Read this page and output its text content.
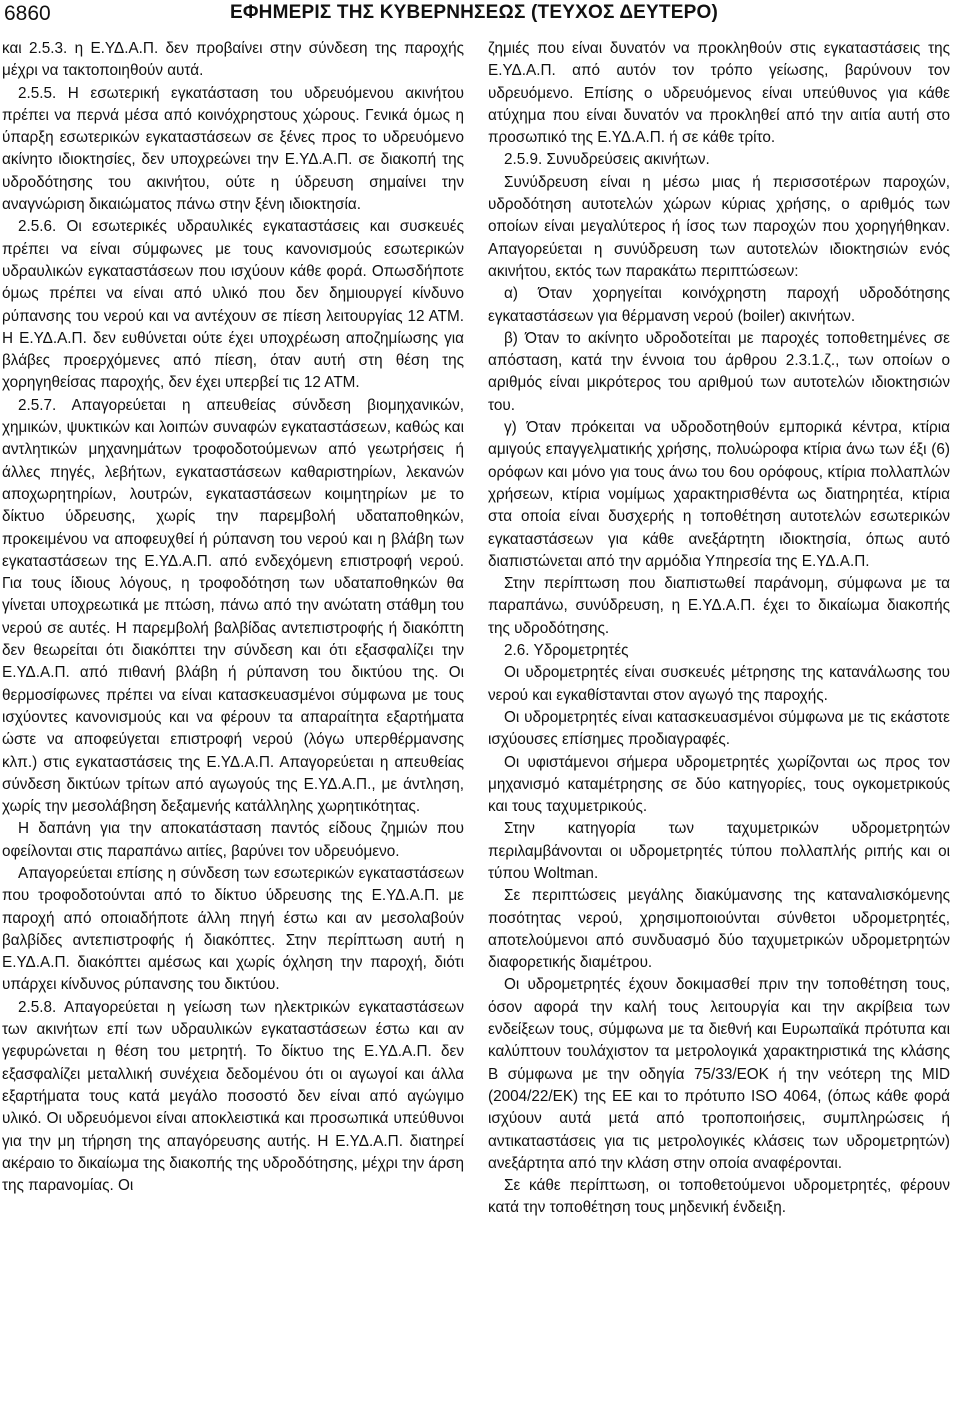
6860	ΕΦΗΜΕΡΙΣ ΤΗΣ ΚΥΒΕΡΝΗΣΕΩΣ (ΤΕΥΧΟΣ ΔΕΥΤΕΡΟ)

και 2.5.3. η Ε.ΥΔ.Α.Π. δεν προβαίνει στην σύνδεση της παροχής μέχρι να τακτοποιηθούν αυτά.

2.5.5. Η εσωτερική εγκατάσταση του υδρευόμενου ακινήτου πρέπει να περνά μέσα από κοινόχρηστους χώρους. Γενικά όμως η ύπαρξη εσωτερικών εγκαταστάσεων σε ξένες προς το υδρευόμενο ακίνητο ιδιοκτησίες, δεν υποχρεώνει την Ε.ΥΔ.Α.Π. σε διακοπή της υδροδότησης του ακινήτου, ούτε η ύδρευση σημαίνει την αναγνώριση δικαιώματος πάνω στην ξένη ιδιοκτησία.

2.5.6. Οι εσωτερικές υδραυλικές εγκαταστάσεις και συσκευές πρέπει να είναι σύμφωνες με τους κανονισμούς εσωτερικών υδραυλικών εγκαταστάσεων που ισχύουν κάθε φορά. Οπωσδήποτε όμως πρέπει να είναι από υλικό που δεν δημιουργεί κίνδυνο ρύπανσης του νερού και να αντέχουν σε πίεση λειτουργίας 12 ΑΤΜ. Η Ε.ΥΔ.Α.Π. δεν ευθύνεται ούτε έχει υποχρέωση αποζημίωσης για βλάβες προερχόμενες από πίεση, όταν αυτή στη θέση της χορηγηθείσας παροχής, δεν έχει υπερβεί τις 12 ΑΤΜ.

2.5.7. Απαγορεύεται η απευθείας σύνδεση βιομηχανικών, χημικών, ψυκτικών και λοιπών συναφών εγκαταστάσεων, καθώς και αντλητικών μηχανημάτων τροφοδοτούμενων από γεωτρήσεις ή άλλες πηγές, λεβήτων, εγκαταστάσεων καθαριστηρίων, λεκανών αποχωρητηρίων, λουτρών, εγκαταστάσεων κοιμητηρίων με το δίκτυο ύδρευσης, χωρίς την παρεμβολή υδαταποθηκών, προκειμένου να αποφευχθεί ή ρύπανση του νερού και η βλάβη των εγκαταστάσεων της Ε.ΥΔ.Α.Π. από ενδεχόμενη επιστροφή νερού. Για τους ίδιους λόγους, η τροφοδότηση των υδαταποθηκών θα γίνεται υποχρεωτικά με πτώση, πάνω από την ανώτατη στάθμη του νερού σε αυτές. Η παρεμβολή βαλβίδας αντεπιστροφής ή διακόπτη δεν θεωρείται ότι διακόπτει την σύνδεση και ότι εξασφαλίζει την Ε.ΥΔ.Α.Π. από πιθανή βλάβη ή ρύπανση του δικτύου της. Οι θερμοσίφωνες πρέπει να είναι κατασκευασμένοι σύμφωνα με τους ισχύοντες κανονισμούς και να φέρουν τα απαραίτητα εξαρτήματα ώστε να αποφεύγεται επιστροφή νερού (λόγω υπερθέρμανσης κλπ.) στις εγκαταστάσεις της Ε.ΥΔ.Α.Π. Απαγορεύεται η απευθείας σύνδεση δικτύων τρίτων από αγωγούς της Ε.ΥΔ.Α.Π., με άντληση, χωρίς την μεσολάβηση δεξαμενής κατάλληλης χωρητικότητας.

Η δαπάνη για την αποκατάσταση παντός είδους ζημιών που οφείλονται στις παραπάνω αιτίες, βαρύνει τον υδρευόμενο.

Απαγορεύεται επίσης η σύνδεση των εσωτερικών εγκαταστάσεων που τροφοδοτούνται από το δίκτυο ύδρευσης της Ε.ΥΔ.Α.Π. με παροχή από οποιαδήποτε άλλη πηγή έστω και αν μεσολαβούν βαλβίδες αντεπιστροφής ή διακόπτες. Στην περίπτωση αυτή η Ε.ΥΔ.Α.Π. διακόπτει αμέσως και χωρίς όχληση την παροχή, διότι υπάρχει κίνδυνος ρύπανσης του δικτύου.

2.5.8. Απαγορεύεται η γείωση των ηλεκτρικών εγκαταστάσεων των ακινήτων επί των υδραυλικών εγκαταστάσεων έστω και αν γεφυρώνεται η θέση του μετρητή. Το δίκτυο της Ε.ΥΔ.Α.Π. δεν εξασφαλίζει μεταλλική συνέχεια δεδομένου ότι οι αγωγοί και άλλα εξαρτήματα τους κατά μεγάλο ποσοστό δεν είναι από αγώγιμο υλικό. Οι υδρευόμενοι είναι αποκλειστικά και προσωπικά υπεύθυνοι για την μη τήρηση της απαγόρευσης αυτής. Η Ε.ΥΔ.Α.Π. διατηρεί ακέραιο το δικαίωμα της διακοπής της υδροδότησης, μέχρι την άρση της παρανομίας. Οι

ζημιές που είναι δυνατόν να προκληθούν στις εγκαταστάσεις της Ε.ΥΔ.Α.Π. από αυτόν τον τρόπο γείωσης, βαρύνουν τον υδρευόμενο. Επίσης ο υδρευόμενος είναι υπεύθυνος για κάθε ατύχημα που είναι δυνατόν να προκληθεί από την αιτία αυτή στο προσωπικό της Ε.ΥΔ.Α.Π. ή σε κάθε τρίτο.

2.5.9. Συνυδρεύσεις ακινήτων.

Συνύδρευση είναι η μέσω μιας ή περισσοτέρων παροχών, υδροδότηση αυτοτελών χώρων κύριας χρήσης, ο αριθμός των οποίων είναι μεγαλύτερος ή ίσος των παροχών που χορηγήθηκαν. Απαγορεύεται η συνύδρευση των αυτοτελών ιδιοκτησιών ενός ακινήτου, εκτός των παρακάτω περιπτώσεων:

α) Όταν χορηγείται κοινόχρηστη παροχή υδροδότησης εγκαταστάσεων για θέρμανση νερού (boiler) ακινήτων.

β) Όταν το ακίνητο υδροδοτείται με παροχές τοποθετημένες σε απόσταση, κατά την έννοια του άρθρου 2.3.1.ζ., των οποίων ο αριθμός είναι μικρότερος του αριθμού των αυτοτελών ιδιοκτησιών του.

γ) Όταν πρόκειται να υδροδοτηθούν εμπορικά κέντρα, κτίρια αμιγούς επαγγελματικής χρήσης, πολυώροφα κτίρια άνω των έξι (6) ορόφων και μόνο για τους άνω του 6ου ορόφους, κτίρια πολλαπλών χρήσεων, κτίρια νομίμως χαρακτηρισθέντα ως διατηρητέα, κτίρια στα οποία είναι δυσχερής η τοποθέτηση αυτοτελών εσωτερικών εγκαταστάσεων για κάθε ανεξάρτητη ιδιοκτησία, όπως αυτό διαπιστώνεται από την αρμόδια Υπηρεσία της Ε.ΥΔ.Α.Π.

Στην περίπτωση που διαπιστωθεί παράνομη, σύμφωνα με τα παραπάνω, συνύδρευση, η Ε.ΥΔ.Α.Π. έχει το δικαίωμα διακοπής της υδροδότησης.

2.6. Υδρομετρητές

Οι υδρομετρητές είναι συσκευές μέτρησης της κατανάλωσης του νερού και εγκαθίστανται στον αγωγό της παροχής.

Οι υδρομετρητές είναι κατασκευασμένοι σύμφωνα με τις εκάστοτε ισχύουσες επίσημες προδιαγραφές.

Οι υφιστάμενοι σήμερα υδρομετρητές χωρίζονται ως προς τον μηχανισμό καταμέτρησης σε δύο κατηγορίες, τους ογκομετρικούς και τους ταχυμετρικούς.

Στην κατηγορία των ταχυμετρικών υδρομετρητών περιλαμβάνονται οι υδρομετρητές τύπου πολλαπλής ριπής και οι τύπου Woltman.

Σε περιπτώσεις μεγάλης διακύμανσης της καταναλισκόμενης ποσότητας νερού, χρησιμοποιούνται σύνθετοι υδρομετρητές, αποτελούμενοι από συνδυασμό δύο ταχυμετρικών υδρομετρητών διαφορετικής διαμέτρου.

Οι υδρομετρητές έχουν δοκιμασθεί πριν την τοποθέτηση τους, όσον αφορά την καλή τους λειτουργία και την ακρίβεια των ενδείξεων τους, σύμφωνα με τα διεθνή και Ευρωπαϊκά πρότυπα και καλύπτουν τουλάχιστον τα μετρολογικά χαρακτηριστικά της κλάσης Β σύμφωνα με την οδηγία 75/33/ΕΟΚ ή την νεότερη της MID (2004/22/ΕΚ) της ΕΕ και το πρότυπο ISO 4064, (όπως κάθε φορά ισχύουν αυτά μετά από τροποποιήσεις, συμπληρώσεις ή αντικαταστάσεις για τις μετρολογικές κλάσεις των υδρομετρητών) ανεξάρτητα από την κλάση στην οποία αναφέρονται.

Σε κάθε περίπτωση, οι τοποθετούμενοι υδρομετρητές, φέρουν κατά την τοποθέτηση τους μηδενική ένδειξη.
